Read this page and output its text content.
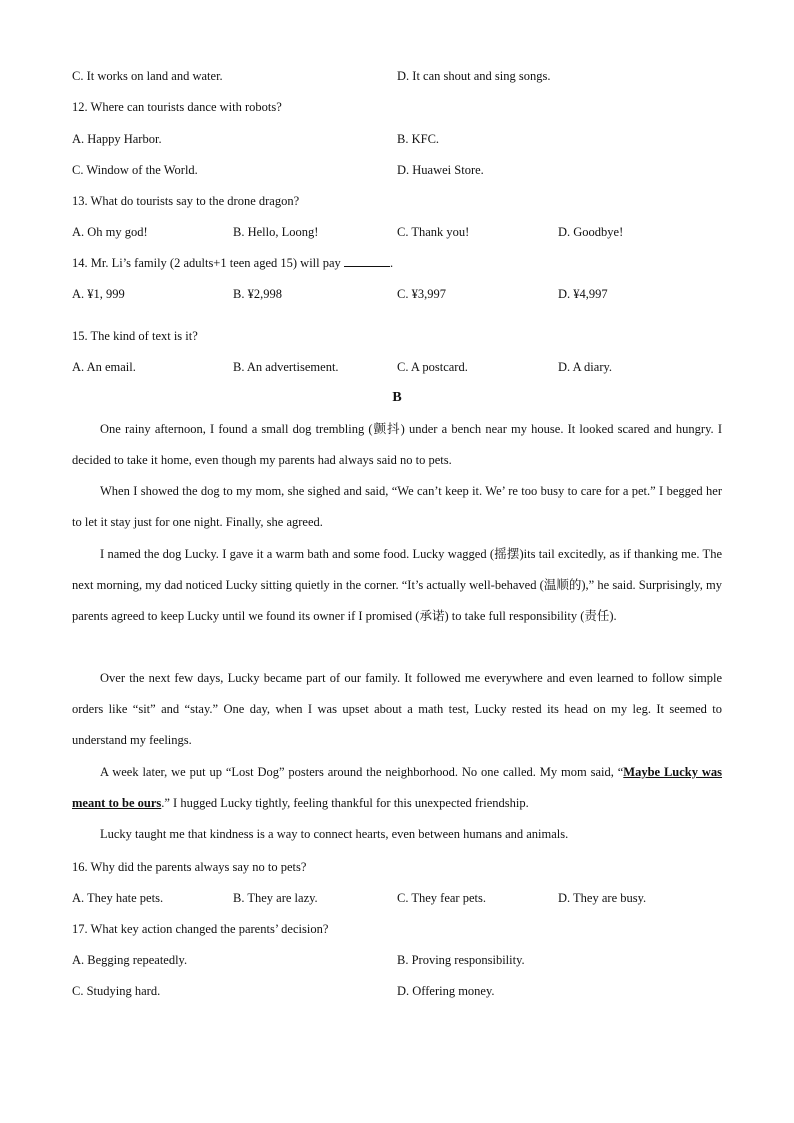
C. It works on land and water.	D. It can shout and sing songs.
12. Where can tourists dance with robots?
A. Happy Harbor.	B. KFC.
C. Window of the World.	D. Huawei Store.
13. What do tourists say to the drone dragon?
A. Oh my god!	B. Hello, Loong!	C. Thank you!	D. Goodbye!
14. Mr. Li’s family (2 adults+1 teen aged 15) will pay	.
A. ¥1, 999	B. ¥2,998	C. ¥3,997	D. ¥4,997
15. The kind of text is it?
A. An email.	B. An advertisement.	C. A postcard.	D. A diary.
B
One rainy afternoon, I found a small dog trembling (颤抖) under a bench near my house. It looked scared and hungry. I decided to take it home, even though my parents had always said no to pets.
When I showed the dog to my mom, she sighed and said, “We can’t keep it. We’ re too busy to care for a pet.” I begged her to let it stay just for one night. Finally, she agreed.
I named the dog Lucky. I gave it a warm bath and some food. Lucky wagged (摇摆)its tail excitedly, as if thanking me. The next morning, my dad noticed Lucky sitting quietly in the corner. “It’s actually well-behaved (温顺的),” he said. Surprisingly, my parents agreed to keep Lucky until we found its owner if I promised (承诺) to take full responsibility (责任).
Over the next few days, Lucky became part of our family. It followed me everywhere and even learned to follow simple orders like “sit” and “stay.” One day, when I was upset about a math test, Lucky rested its head on my leg. It seemed to understand my feelings.
A week later, we put up “Lost Dog” posters around the neighborhood. No one called. My mom said, “Maybe Lucky was meant to be ours.” I hugged Lucky tightly, feeling thankful for this unexpected friendship.
Lucky taught me that kindness is a way to connect hearts, even between humans and animals.
16. Why did the parents always say no to pets?
A. They hate pets.	B. They are lazy.	C. They fear pets.	D. They are busy.
17. What key action changed the parents’ decision?
A. Begging repeatedly.	B. Proving responsibility.
C. Studying hard.	D. Offering money.
